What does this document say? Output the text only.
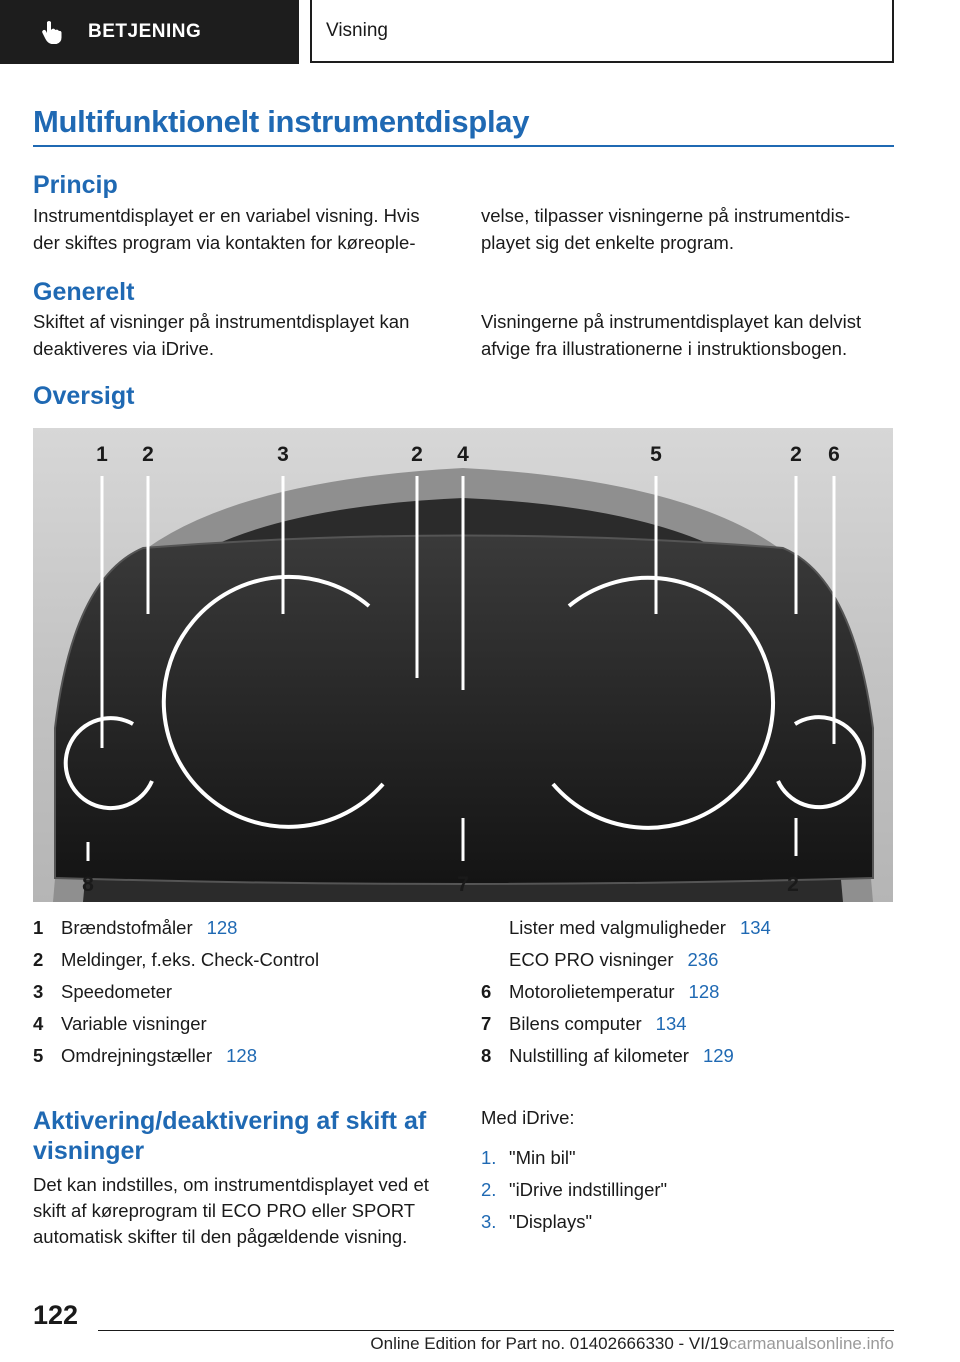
BETJENING	Visning
Multifunktionelt instrumentdisplay
Princip
Instrumentdisplayet er en variabel visning. Hvis der skiftes program via kontakten for køreople-
velse, tilpasser visningerne på instrumentdis-playet sig det enkelte program.
Generelt
Skiftet af visninger på instrumentdisplayet kan deaktiveres via iDrive.
Visningerne på instrumentdisplayet kan delvist afvige fra illustrationerne i instruktionsbogen.
Oversigt
1 2	3	2 4	5	2 6
8	7	2
1 Brændstofmåler 128
2 Meldinger, f.eks. Check-Control
3 Speedometer
4 Variable visninger
5 Omdrejningstæller 128
Lister med valgmuligheder 134
ECO PRO visninger 236
6 Motorolietemperatur 128
7 Bilens computer 134
8 Nulstilling af kilometer 129
Aktivering/deaktivering af skift af visninger
Det kan indstilles, om instrumentdisplayet ved et skift af køreprogram til ECO PRO eller SPORT automatisk skifter til den pågældende visning.
Med iDrive:
1. "Min bil"
2. "iDrive indstillinger"
3. "Displays"
122
Online Edition for Part no. 01402666330 - VI/19carmanualsonline.info
